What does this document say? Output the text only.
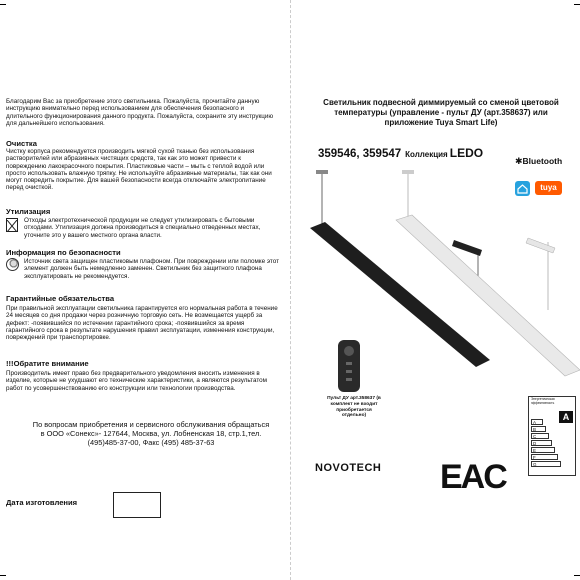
Благодарим Вас за приобретение этого светильника. Пожалуйста, прочитайте данную инструкцию внимательно перед использованием для обеспечения безопасного и длительного функционирования данного продукта. Пожалуйста, сохраните эту инструкцию для дальнейшего использования.

Очистка

Чистку корпуса рекомендуется производить мягкой сухой тканью без использования растворителей или абразивных чистящих средств, так как это может привести к повреждению лакокрасочного покрытия. Пластиковые части – мыть с теплой водой или просто использовать влажную тряпку. Не используйте абразивные материалы, так как они могут повредить покрытие. Для вашей безопасности всегда отключайте электропитание перед очисткой.

Утилизация

Отходы электротехнической продукции не следует утилизировать с бытовыми отходами. Утилизация должна производиться в специально отведенных местах, уточните это у вашего местного органа власти.

Информация по безопасности

Источник света защищен пластиковым плафоном. При повреждении или поломке этот элемент должен быть немедленно заменен. Светильник без защитного плафона эксплуатировать не рекомендуется.

Гарантийные обязательства

При правильной эксплуатации светильника гарантируется его нормальная работа в течение 24 месяцев со дня продажи через розничную торговую сеть. Не возмещается ущерб за дефект: -появившийся по истечении гарантийного срока; -появившийся за время гарантийного срока в результате нарушения правил эксплуатации, изменения конструкции, повреждений при транспортировке.

!!!Обратите внимание

Производитель имеет право без предварительного уведомления вносить изменения в изделие, которые не ухудшают его технические характеристики, а являются результатом работ по усовершенствованию его конструкции или технологии производства.

По вопросам приобретения и сервисного обслуживания обращаться

в ООО «Сонекс»- 127644, Москва, ул. Лобненская 18, стр.1,тел.

(495)485-37-00, Факс (495) 485-37-63

Дата изготовления

Светильник подвесной диммируемый со сменой цветовой температуры (управление - пульт ДУ (арт.358637) или приложение Tuya Smart Life)
359546, 359547 Коллекция LEDO
✱Bluetooth
tuya
Пульт ДУ арт.358637 (в комплект не входит приобретается отдельно)
Энергетическая эффективность
A
A
B
C
D
E
F
G
NOVOTECH EAC
